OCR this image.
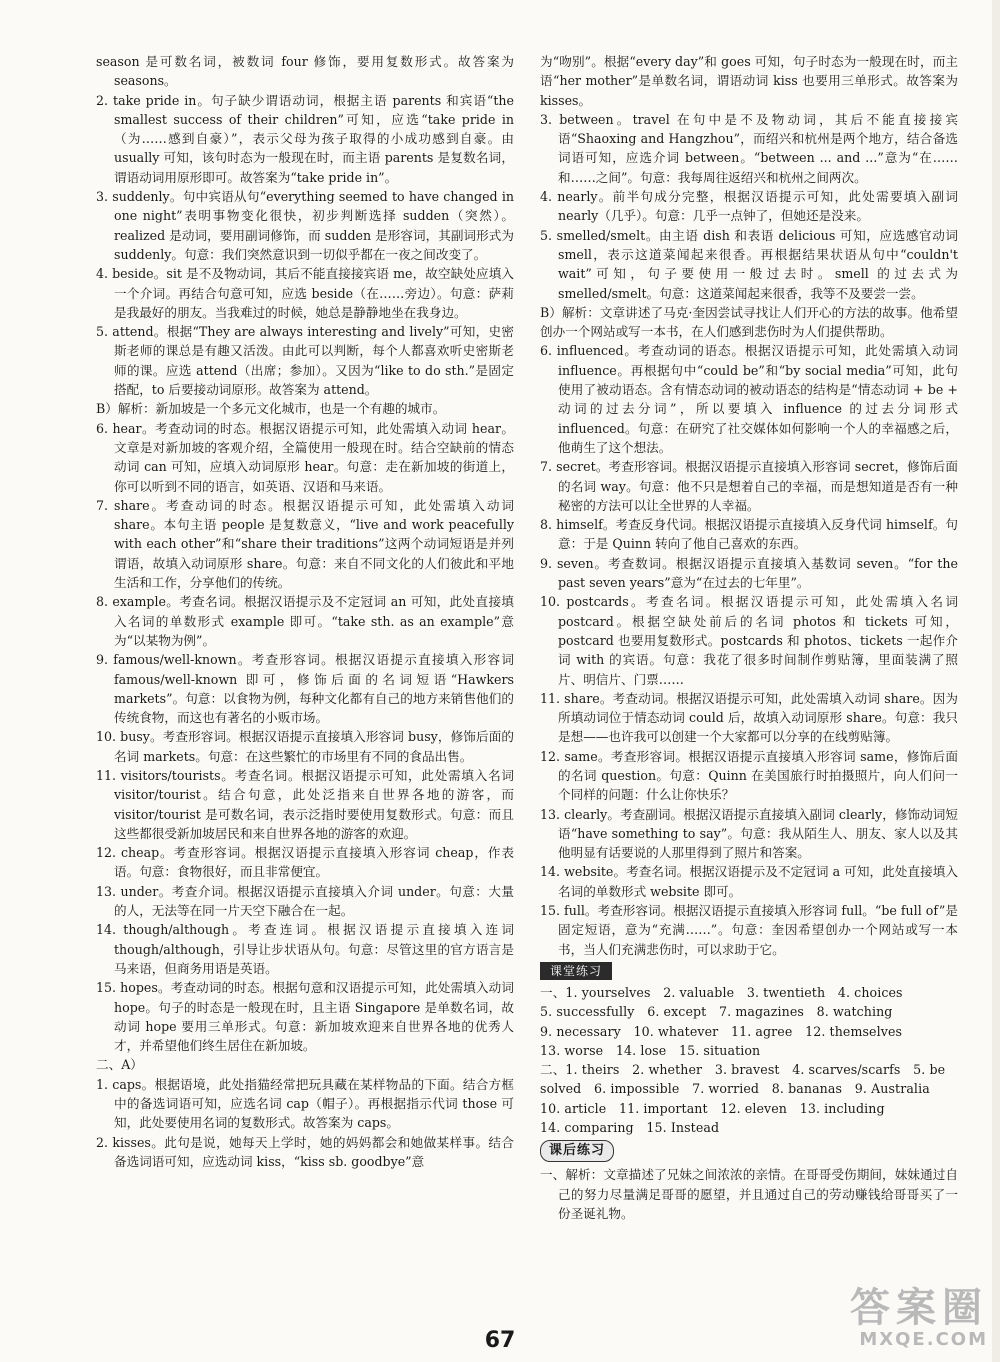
season 是可数名词，被数词 four 修饰，要用复数形式。故答案为 seasons。

2. take pride in。句子缺少谓语动词，根据主语 parents 和宾语“the smallest success of their children”可知，应选“take pride in（为……感到自豪）”，表示父母为孩子取得的小成功感到自豪。由 usually 可知，该句时态为一般现在时，而主语 parents 是复数名词，谓语动词用原形即可。故答案为“take pride in”。

3. suddenly。句中宾语从句“everything seemed to have changed in one night”表明事物变化很快，初步判断选择 sudden（突然）。realized 是动词，要用副词修饰，而 sudden 是形容词，其副词形式为 suddenly。句意：我们突然意识到一切似乎都在一夜之间改变了。

4. beside。sit 是不及物动词，其后不能直接接宾语 me，故空缺处应填入一个介词。再结合句意可知，应选 beside（在……旁边）。句意：萨莉是我最好的朋友。当我难过的时候，她总是静静地坐在我身边。

5. attend。根据“They are always interesting and lively”可知，史密斯老师的课总是有趣又活泼。由此可以判断，每个人都喜欢听史密斯老师的课。应选 attend（出席；参加）。又因为“like to do sth.”是固定搭配，to 后要接动词原形。故答案为 attend。

B）解析：新加坡是一个多元文化城市，也是一个有趣的城市。

6. hear。考查动词的时态。根据汉语提示可知，此处需填入动词 hear。文章是对新加坡的客观介绍，全篇使用一般现在时。结合空缺前的情态动词 can 可知，应填入动词原形 hear。句意：走在新加坡的街道上，你可以听到不同的语言，如英语、汉语和马来语。

7. share。考查动词的时态。根据汉语提示可知，此处需填入动词 share。本句主语 people 是复数意义，“live and work peacefully with each other”和“share their traditions”这两个动词短语是并列谓语，故填入动词原形 share。句意：来自不同文化的人们彼此和平地生活和工作，分享他们的传统。

8. example。考查名词。根据汉语提示及不定冠词 an 可知，此处直接填入名词的单数形式 example 即可。“take sth. as an example”意为“以某物为例”。

9. famous/well-known。考查形容词。根据汉语提示直接填入形容词 famous/well-known 即可，修饰后面的名词短语“Hawkers markets”。句意：以食物为例，每种文化都有自己的地方来销售他们的传统食物，而这也有著名的小贩市场。

10. busy。考查形容词。根据汉语提示直接填入形容词 busy，修饰后面的名词 markets。句意：在这些繁忙的市场里有不同的食品出售。

11. visitors/tourists。考查名词。根据汉语提示可知，此处需填入名词 visitor/tourist。结合句意，此处泛指来自世界各地的游客，而 visitor/tourist 是可数名词，表示泛指时要使用复数形式。句意：而且这些都很受新加坡居民和来自世界各地的游客的欢迎。

12. cheap。考查形容词。根据汉语提示直接填入形容词 cheap，作表语。句意：食物很好，而且非常便宜。

13. under。考查介词。根据汉语提示直接填入介词 under。句意：大量的人，无法等在同一片天空下融合在一起。

14. though/although。考查连词。根据汉语提示直接填入连词 though/although，引导让步状语从句。句意：尽管这里的官方语言是马来语，但商务用语是英语。

15. hopes。考查动词的时态。根据句意和汉语提示可知，此处需填入动词 hope。句子的时态是一般现在时，且主语 Singapore 是单数名词，故动词 hope 要用三单形式。句意：新加坡欢迎来自世界各地的优秀人才，并希望他们终生居住在新加坡。

二、A）

1. caps。根据语境，此处指猫经常把玩具藏在某样物品的下面。结合方框中的备选词语可知，应选名词 cap（帽子）。再根据指示代词 those 可知，此处要使用名词的复数形式。故答案为 caps。

2. kisses。此句是说，她每天上学时，她的妈妈都会和她做某样事。结合备选词语可知，应选动词 kiss，“kiss sb. goodbye”意

为“吻别”。根据“every day”和 goes 可知，句子时态为一般现在时，而主语“her mother”是单数名词，谓语动词 kiss 也要用三单形式。故答案为 kisses。

3. between。travel 在句中是不及物动词，其后不能直接接宾语“Shaoxing and Hangzhou”，而绍兴和杭州是两个地方，结合备选词语可知，应选介词 between。“between ... and ...”意为“在……和……之间”。句意：我每周往返绍兴和杭州之间两次。

4. nearly。前半句成分完整，根据汉语提示可知，此处需要填入副词 nearly（几乎）。句意：几乎一点钟了，但她还是没来。

5. smelled/smelt。由主语 dish 和表语 delicious 可知，应选感官动词 smell，表示这道菜闻起来很香。再根据结果状语从句中“couldn't wait”可知，句子要使用一般过去时。smell 的过去式为 smelled/smelt。句意：这道菜闻起来很香，我等不及要尝一尝。

B）解析：文章讲述了马克·奎因尝试寻找让人们开心的方法的故事。他希望创办一个网站或写一本书，在人们感到悲伤时为人们提供帮助。

6. influenced。考查动词的语态。根据汉语提示可知，此处需填入动词 influence。再根据句中“could be”和“by social media”可知，此句使用了被动语态。含有情态动词的被动语态的结构是“情态动词 + be + 动词的过去分词”，所以要填入 influence 的过去分词形式 influenced。句意：在研究了社交媒体如何影响一个人的幸福感之后，他萌生了这个想法。

7. secret。考查形容词。根据汉语提示直接填入形容词 secret，修饰后面的名词 way。句意：他不只是想着自己的幸福，而是想知道是否有一种秘密的方法可以让全世界的人幸福。

8. himself。考查反身代词。根据汉语提示直接填入反身代词 himself。句意：于是 Quinn 转向了他自己喜欢的东西。

9. seven。考查数词。根据汉语提示直接填入基数词 seven。“for the past seven years”意为“在过去的七年里”。

10. postcards。考查名词。根据汉语提示可知，此处需填入名词 postcard。根据空缺处前后的名词 photos 和 tickets 可知，postcard 也要用复数形式。postcards 和 photos、tickets 一起作介词 with 的宾语。句意：我花了很多时间制作剪贴簿，里面装满了照片、明信片、门票……

11. share。考查动词。根据汉语提示可知，此处需填入动词 share。因为所填动词位于情态动词 could 后，故填入动词原形 share。句意：我只是想——也许我可以创建一个大家都可以分享的在线剪贴簿。

12. same。考查形容词。根据汉语提示直接填入形容词 same，修饰后面的名词 question。句意：Quinn 在美国旅行时拍摄照片，向人们问一个同样的问题：什么让你快乐？

13. clearly。考查副词。根据汉语提示直接填入副词 clearly，修饰动词短语“have something to say”。句意：我从陌生人、朋友、家人以及其他明显有话要说的人那里得到了照片和答案。

14. website。考查名词。根据汉语提示及不定冠词 a 可知，此处直接填入名词的单数形式 website 即可。

15. full。考查形容词。根据汉语提示直接填入形容词 full。“be full of”是固定短语，意为“充满……”。句意：奎因希望创办一个网站或写一本书，当人们充满悲伤时，可以求助于它。

课堂练习

一、1. yourselves　2. valuable　3. twentieth　4. choices

5. successfully　6. except　7. magazines　8. watching

9. necessary　10. whatever　11. agree　12. themselves

13. worse　14. lose　15. situation

二、1. theirs　2. whether　3. bravest　4. scarves/scarfs　5. be

solved　6. impossible　7. worried　8. bananas　9. Australia

10. article　11. important　12. eleven　13. including

14. comparing　15. Instead

课后练习

一、解析：文章描述了兄妹之间浓浓的亲情。在哥哥受伤期间，妹妹通过自己的努力尽量满足哥哥的愿望，并且通过自己的劳动赚钱给哥哥买了一份圣诞礼物。

67
答案圈
MXQE.COM
